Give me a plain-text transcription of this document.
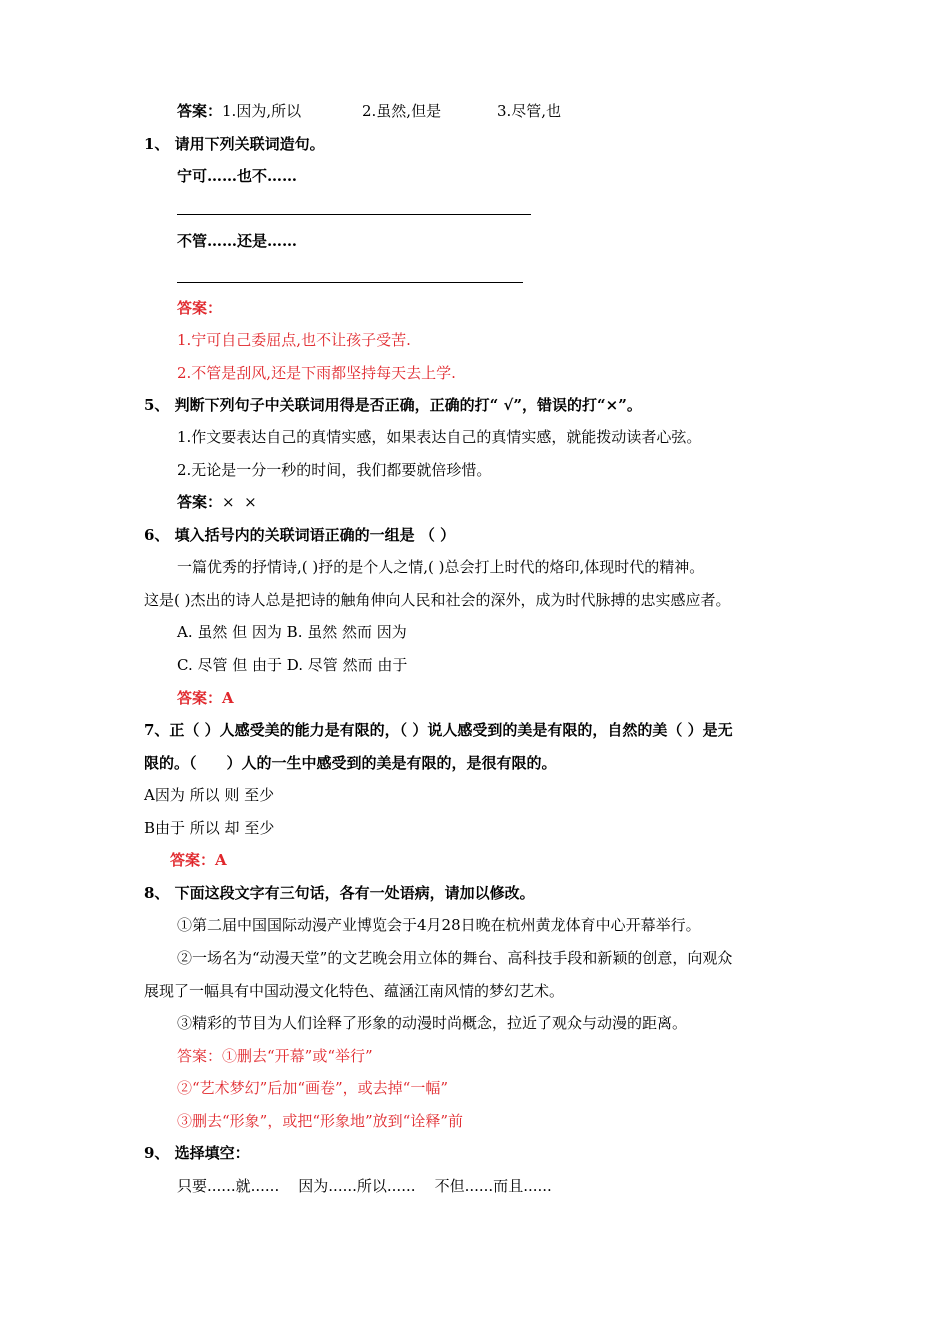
答案：1.因为,所以	2.虽然,但是	3.尽管,也
1、 请用下列关联词造句。
宁可……也不……
不管……还是……
答案：
1.宁可自己委屈点,也不让孩子受苦.
2.不管是刮风,还是下雨都坚持每天去上学.
5、 判断下列句子中关联词用得是否正确，正确的打“ √”，错误的打“×”。
1.作文要表达自己的真情实感，如果表达自己的真情实感，就能拨动读者心弦。
2.无论是一分一秒的时间，我们都要就倍珍惜。
答案：×  ×
6、 填入括号内的关联词语正确的一组是 （ ）
一篇优秀的抒情诗,( )抒的是个人之情,( )总会打上时代的烙印,体现时代的精神。
这是( )杰出的诗人总是把诗的触角伸向人民和社会的深外，成为时代脉搏的忠实感应者。
A. 虽然 但 因为 B. 虽然 然而 因为
C. 尽管 但 由于 D. 尽管 然而 由于
答案：A
7、正（ ）人感受美的能力是有限的，（ ）说人感受到的美是有限的，自然的美（ ）是无
限的。（　　）人的一生中感受到的美是有限的，是很有限的。
A因为 所以 则 至少
B由于 所以 却 至少
答案：A
8、 下面这段文字有三句话，各有一处语病，请加以修改。
①第二届中国国际动漫产业博览会于4月28日晚在杭州黄龙体育中心开幕举行。
②一场名为“动漫天堂”的文艺晚会用立体的舞台、高科技手段和新颖的创意，向观众
展现了一幅具有中国动漫文化特色、蕴涵江南风情的梦幻艺术。
③精彩的节目为人们诠释了形象的动漫时尚概念，拉近了观众与动漫的距离。
答案：①删去“开幕”或“举行”
②“艺术梦幻”后加“画卷”，或去掉“一幅”
③删去“形象”，或把“形象地”放到“诠释”前
9、 选择填空：
只要......就......    因为......所以......    不但......而且......
